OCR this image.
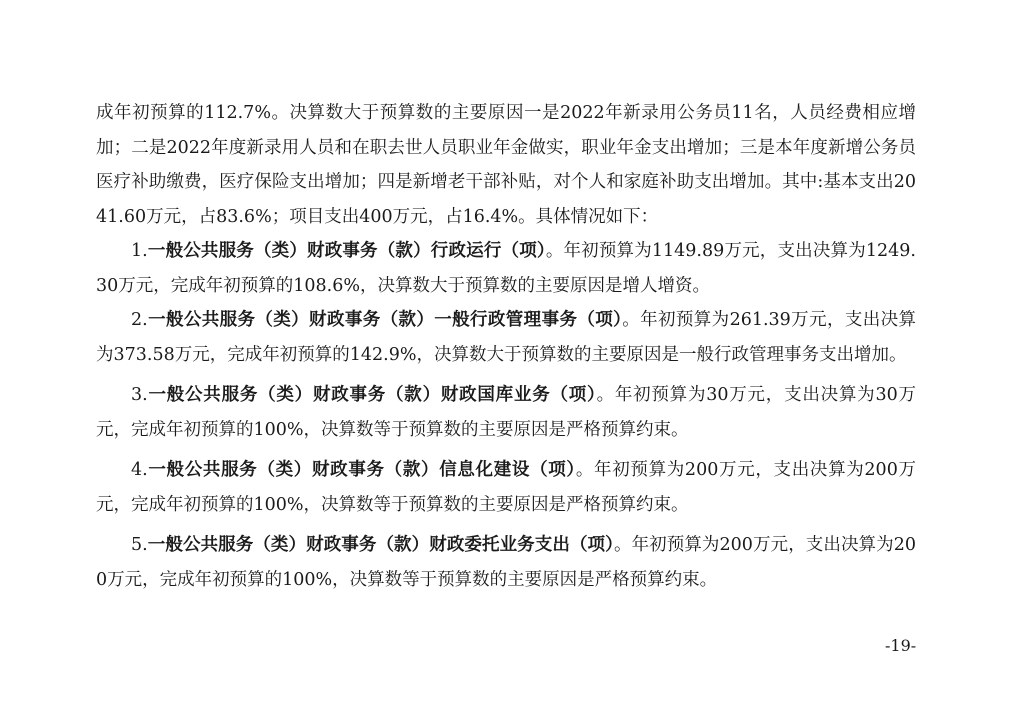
成年初预算的112.7%。决算数大于预算数的主要原因一是2022年新录用公务员11名，人员经费相应增加；二是2022年度新录用人员和在职去世人员职业年金做实，职业年金支出增加；三是本年度新增公务员医疗补助缴费，医疗保险支出增加；四是新增老干部补贴，对个人和家庭补助支出增加。其中:基本支出2041.60万元，占83.6%；项目支出400万元，占16.4%。具体情况如下：

1.一般公共服务（类）财政事务（款）行政运行（项）。年初预算为1149.89万元，支出决算为1249.30万元，完成年初预算的108.6%，决算数大于预算数的主要原因是增人增资。

2.一般公共服务（类）财政事务（款）一般行政管理事务（项）。年初预算为261.39万元，支出决算为373.58万元，完成年初预算的142.9%，决算数大于预算数的主要原因是一般行政管理事务支出增加。

3.一般公共服务（类）财政事务（款）财政国库业务（项）。年初预算为30万元，支出决算为30万元，完成年初预算的100%，决算数等于预算数的主要原因是严格预算约束。

4.一般公共服务（类）财政事务（款）信息化建设（项）。年初预算为200万元，支出决算为200万元，完成年初预算的100%，决算数等于预算数的主要原因是严格预算约束。

5.一般公共服务（类）财政事务（款）财政委托业务支出（项）。年初预算为200万元，支出决算为200万元，完成年初预算的100%，决算数等于预算数的主要原因是严格预算约束。

-19-
